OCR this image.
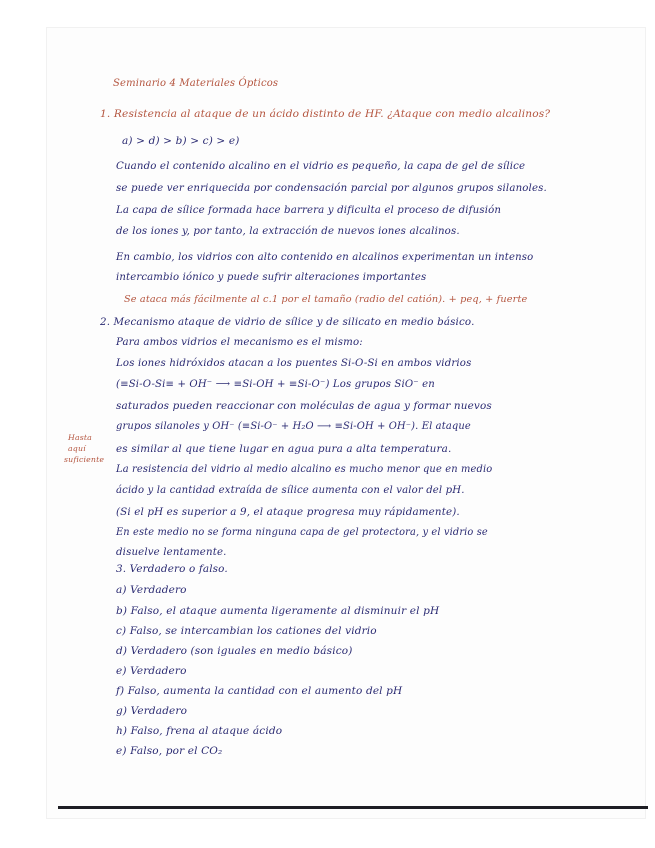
Seminario 4 Materiales Ópticos
1. Resistencia al ataque de un ácido distinto de HF. ¿Ataque con medio alcalinos?
a) > d) > b) > c) > e)
Cuando el contenido alcalino en el vidrio es pequeño, la capa de gel de sílice
se puede ver enriquecida por condensación parcial por algunos grupos silanoles.
La capa de sílice formada hace barrera y dificulta el proceso de difusión
de los iones y, por tanto, la extracción de nuevos iones alcalinos.
En cambio, los vidrios con alto contenido en alcalinos experimentan un intenso
intercambio iónico y puede sufrir alteraciones importantes
Se ataca más fácilmente al c.1 por el tamaño (radio del catión). + peq, + fuerte
2. Mecanismo ataque de vidrio de sílice y de silicato en medio básico.
Para ambos vidrios el mecanismo es el mismo:
Los iones hidróxidos atacan a los puentes Si-O-Si en ambos vidrios
(≡Si-O-Si≡ + OH⁻ ⟶ ≡Si-OH + ≡Si-O⁻) Los grupos SiO⁻ en
saturados pueden reaccionar con moléculas de agua y formar nuevos
grupos silanoles y OH⁻ (≡Si-O⁻ + H₂O ⟶ ≡Si-OH + OH⁻). El ataque
es similar al que tiene lugar en agua pura a alta temperatura.
La resistencia del vidrio al medio alcalino es mucho menor que en medio
ácido y la cantidad extraída de sílice aumenta con el valor del pH.
(Si el pH es superior a 9, el ataque progresa muy rápidamente).
En este medio no se forma ninguna capa de gel protectora, y el vidrio se
disuelve lentamente.
Hasta
aquí
suficiente
3. Verdadero o falso.
a) Verdadero
b) Falso, el ataque aumenta ligeramente al disminuir el pH
c) Falso, se intercambian los cationes del vidrio
d) Verdadero (son iguales en medio básico)
e) Verdadero
f) Falso, aumenta la cantidad con el aumento del pH
g) Verdadero
h) Falso, frena al ataque ácido
e) Falso, por el CO₂
